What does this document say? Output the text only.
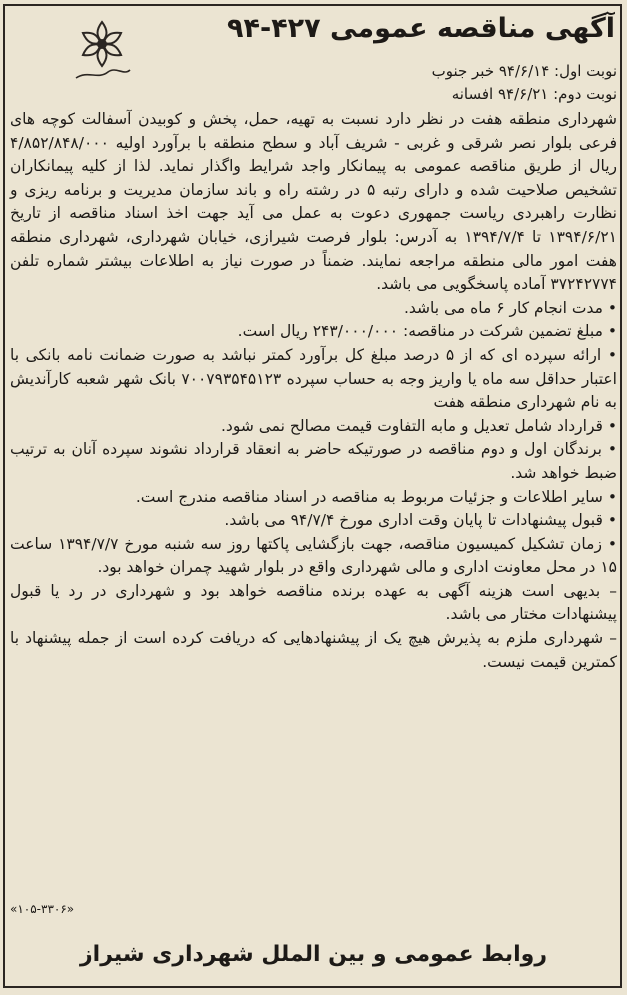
آگهی مناقصه عمومی ۴۲۷-۹۴
نوبت اول: ۹۴/۶/۱۴ خبر جنوب
نوبت دوم: ۹۴/۶/۲۱ افسانه

شهرداری منطقه هفت در نظر دارد نسبت به تهیه، حمل، پخش و کوبیدن آسفالت کوچه های فرعی بلوار نصر شرقی و غربی - شریف آباد و سطح منطقه با برآورد اولیه ۴/۸۵۲/۸۴۸/۰۰۰ ریال از طریق مناقصه عمومی به پیمانکار واجد شرایط واگذار نماید. لذا از کلیه پیمانکاران تشخیص صلاحیت شده و دارای رتبه ۵ در رشته راه و باند سازمان مدیریت و برنامه ریزی و نظارت راهبردی ریاست جمهوری دعوت به عمل می آید جهت اخذ اسناد مناقصه از تاریخ ۱۳۹۴/۶/۲۱ تا ۱۳۹۴/۷/۴ به آدرس: بلوار فرصت شیرازی، خیابان شهرداری، شهرداری منطقه هفت امور مالی منطقه مراجعه نمایند. ضمناً در صورت نیاز به اطلاعات بیشتر شماره تلفن ۳۷۲۴۲۷۷۴ آماده پاسخگویی می باشد.

• مدت انجام کار ۶ ماه می باشد.
• مبلغ تضمین شرکت در مناقصه: ۲۴۳/۰۰۰/۰۰۰ ریال است.
• ارائه سپرده ای که از ۵ درصد مبلغ کل برآورد کمتر نباشد به صورت ضمانت نامه بانکی با اعتبار حداقل سه ماه یا واریز وجه به حساب سپرده ۷۰۰۷۹۳۵۴۵۱۲۳ بانک شهر شعبه کارآندیش به نام شهرداری منطقه هفت
• قرارداد شامل تعدیل و مابه التفاوت قیمت مصالح نمی شود.
• برندگان اول و دوم مناقصه در صورتیکه حاضر به انعقاد قرارداد نشوند سپرده آنان به ترتیب ضبط خواهد شد.
• سایر اطلاعات و جزئیات مربوط به مناقصه در اسناد مناقصه مندرج است.
• قبول پیشنهادات تا پایان وقت اداری مورخ ۹۴/۷/۴ می باشد.
• زمان تشکیل کمیسیون مناقصه، جهت بازگشایی پاکتها روز سه شنبه مورخ ۱۳۹۴/۷/۷ ساعت ۱۵ در محل معاونت اداری و مالی شهرداری واقع در بلوار شهید چمران خواهد بود.
– بدیهی است هزینه آگهی به عهده برنده مناقصه خواهد بود و شهرداری در رد یا قبول پیشنهادات مختار می باشد.
– شهرداری ملزم به پذیرش هیچ یک از پیشنهادهایی که دریافت کرده است از جمله پیشنهاد با کمترین قیمت نیست.
«۱۰۵-۳۳۰۶»
روابط عمومی و بین الملل شهرداری شیراز
